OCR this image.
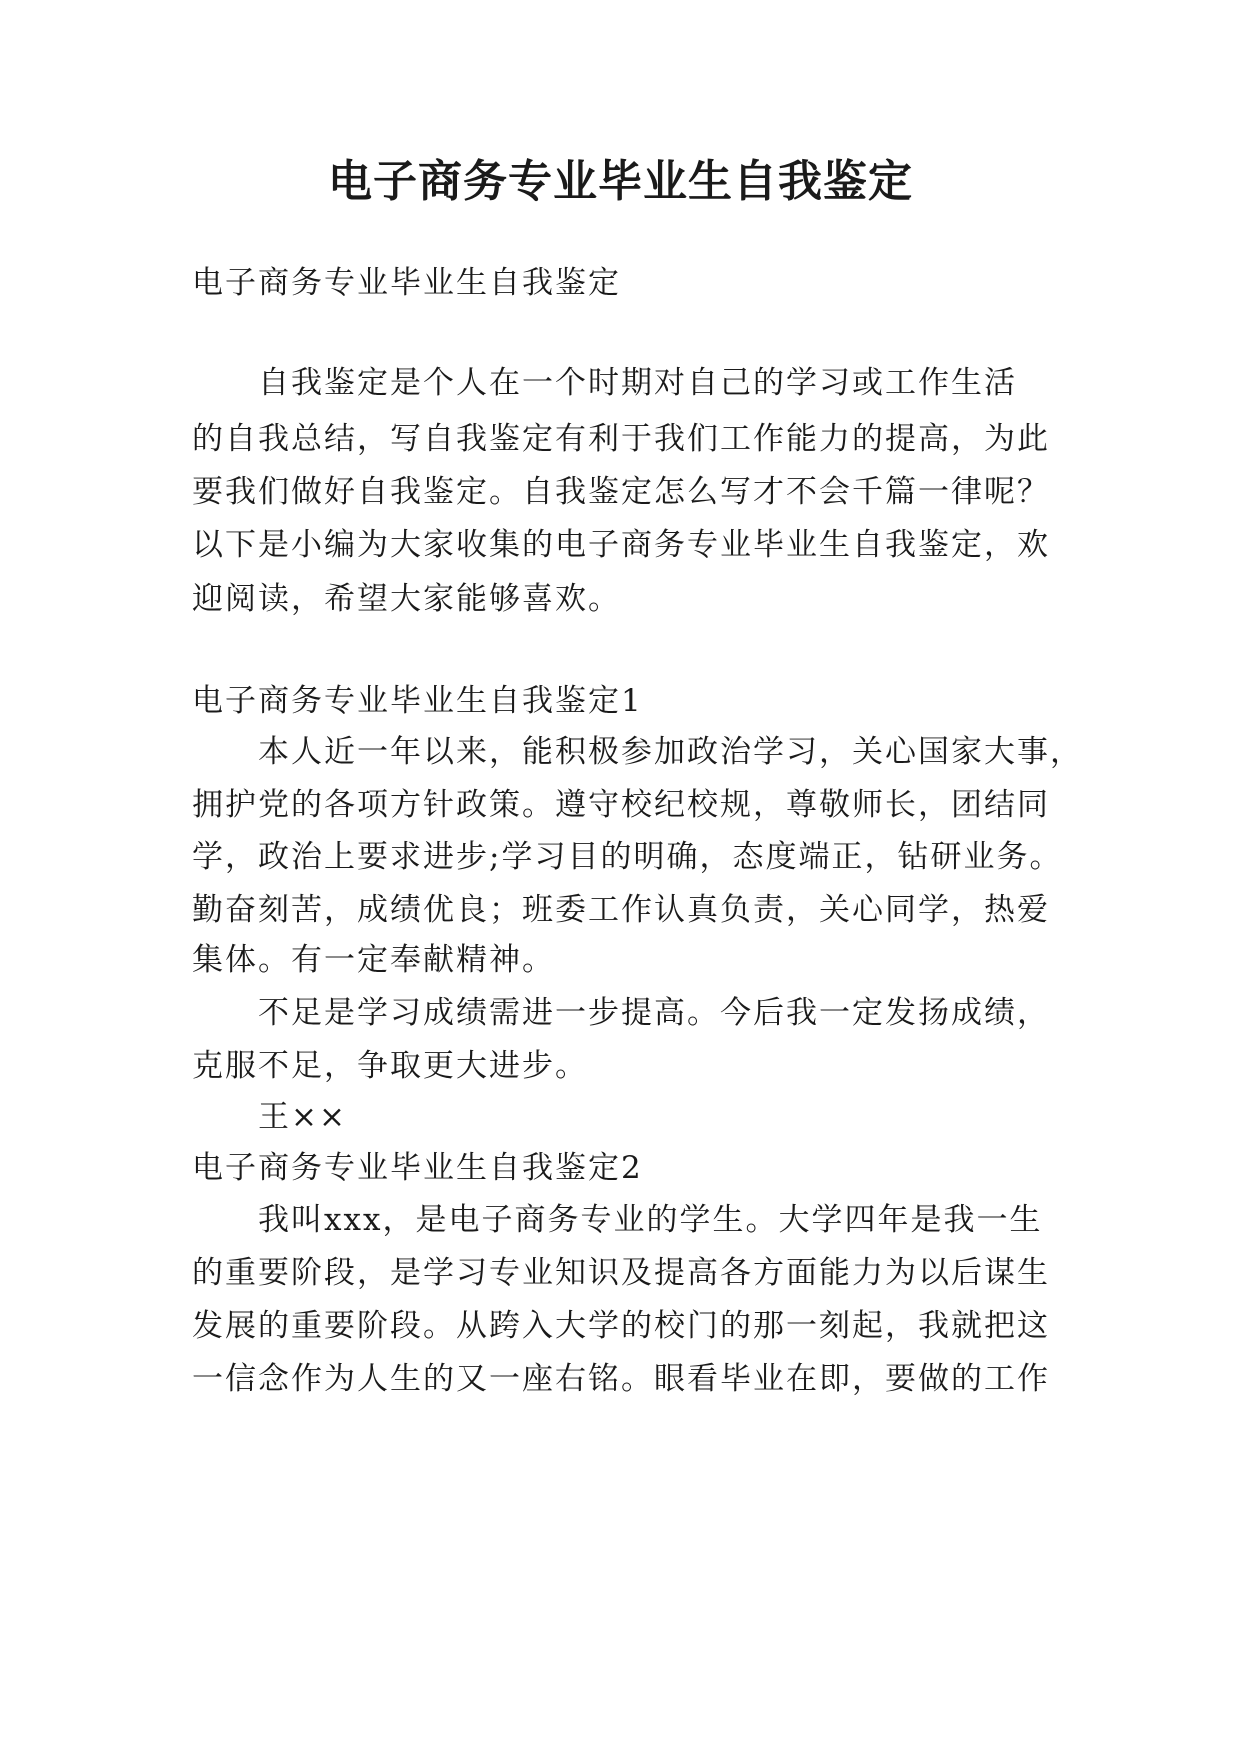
电子商务专业毕业生自我鉴定

电子商务专业毕业生自我鉴定

自我鉴定是个人在一个时期对自己的学习或工作生活

的自我总结，写自我鉴定有利于我们工作能力的提高，为此

要我们做好自我鉴定。自我鉴定怎么写才不会千篇一律呢？

以下是小编为大家收集的电子商务专业毕业生自我鉴定，欢

迎阅读，希望大家能够喜欢。

电子商务专业毕业生自我鉴定1

本人近一年以来，能积极参加政治学习，关心国家大事，

拥护党的各项方针政策。遵守校纪校规，尊敬师长，团结同

学，政治上要求进步;学习目的明确，态度端正，钻研业务。

勤奋刻苦，成绩优良；班委工作认真负责，关心同学，热爱

集体。有一定奉献精神。

不足是学习成绩需进一步提高。今后我一定发扬成绩，

克服不足，争取更大进步。

王××

电子商务专业毕业生自我鉴定2

我叫xxx，是电子商务专业的学生。大学四年是我一生

的重要阶段，是学习专业知识及提高各方面能力为以后谋生

发展的重要阶段。从跨入大学的校门的那一刻起，我就把这

一信念作为人生的又一座右铭。眼看毕业在即，要做的工作
